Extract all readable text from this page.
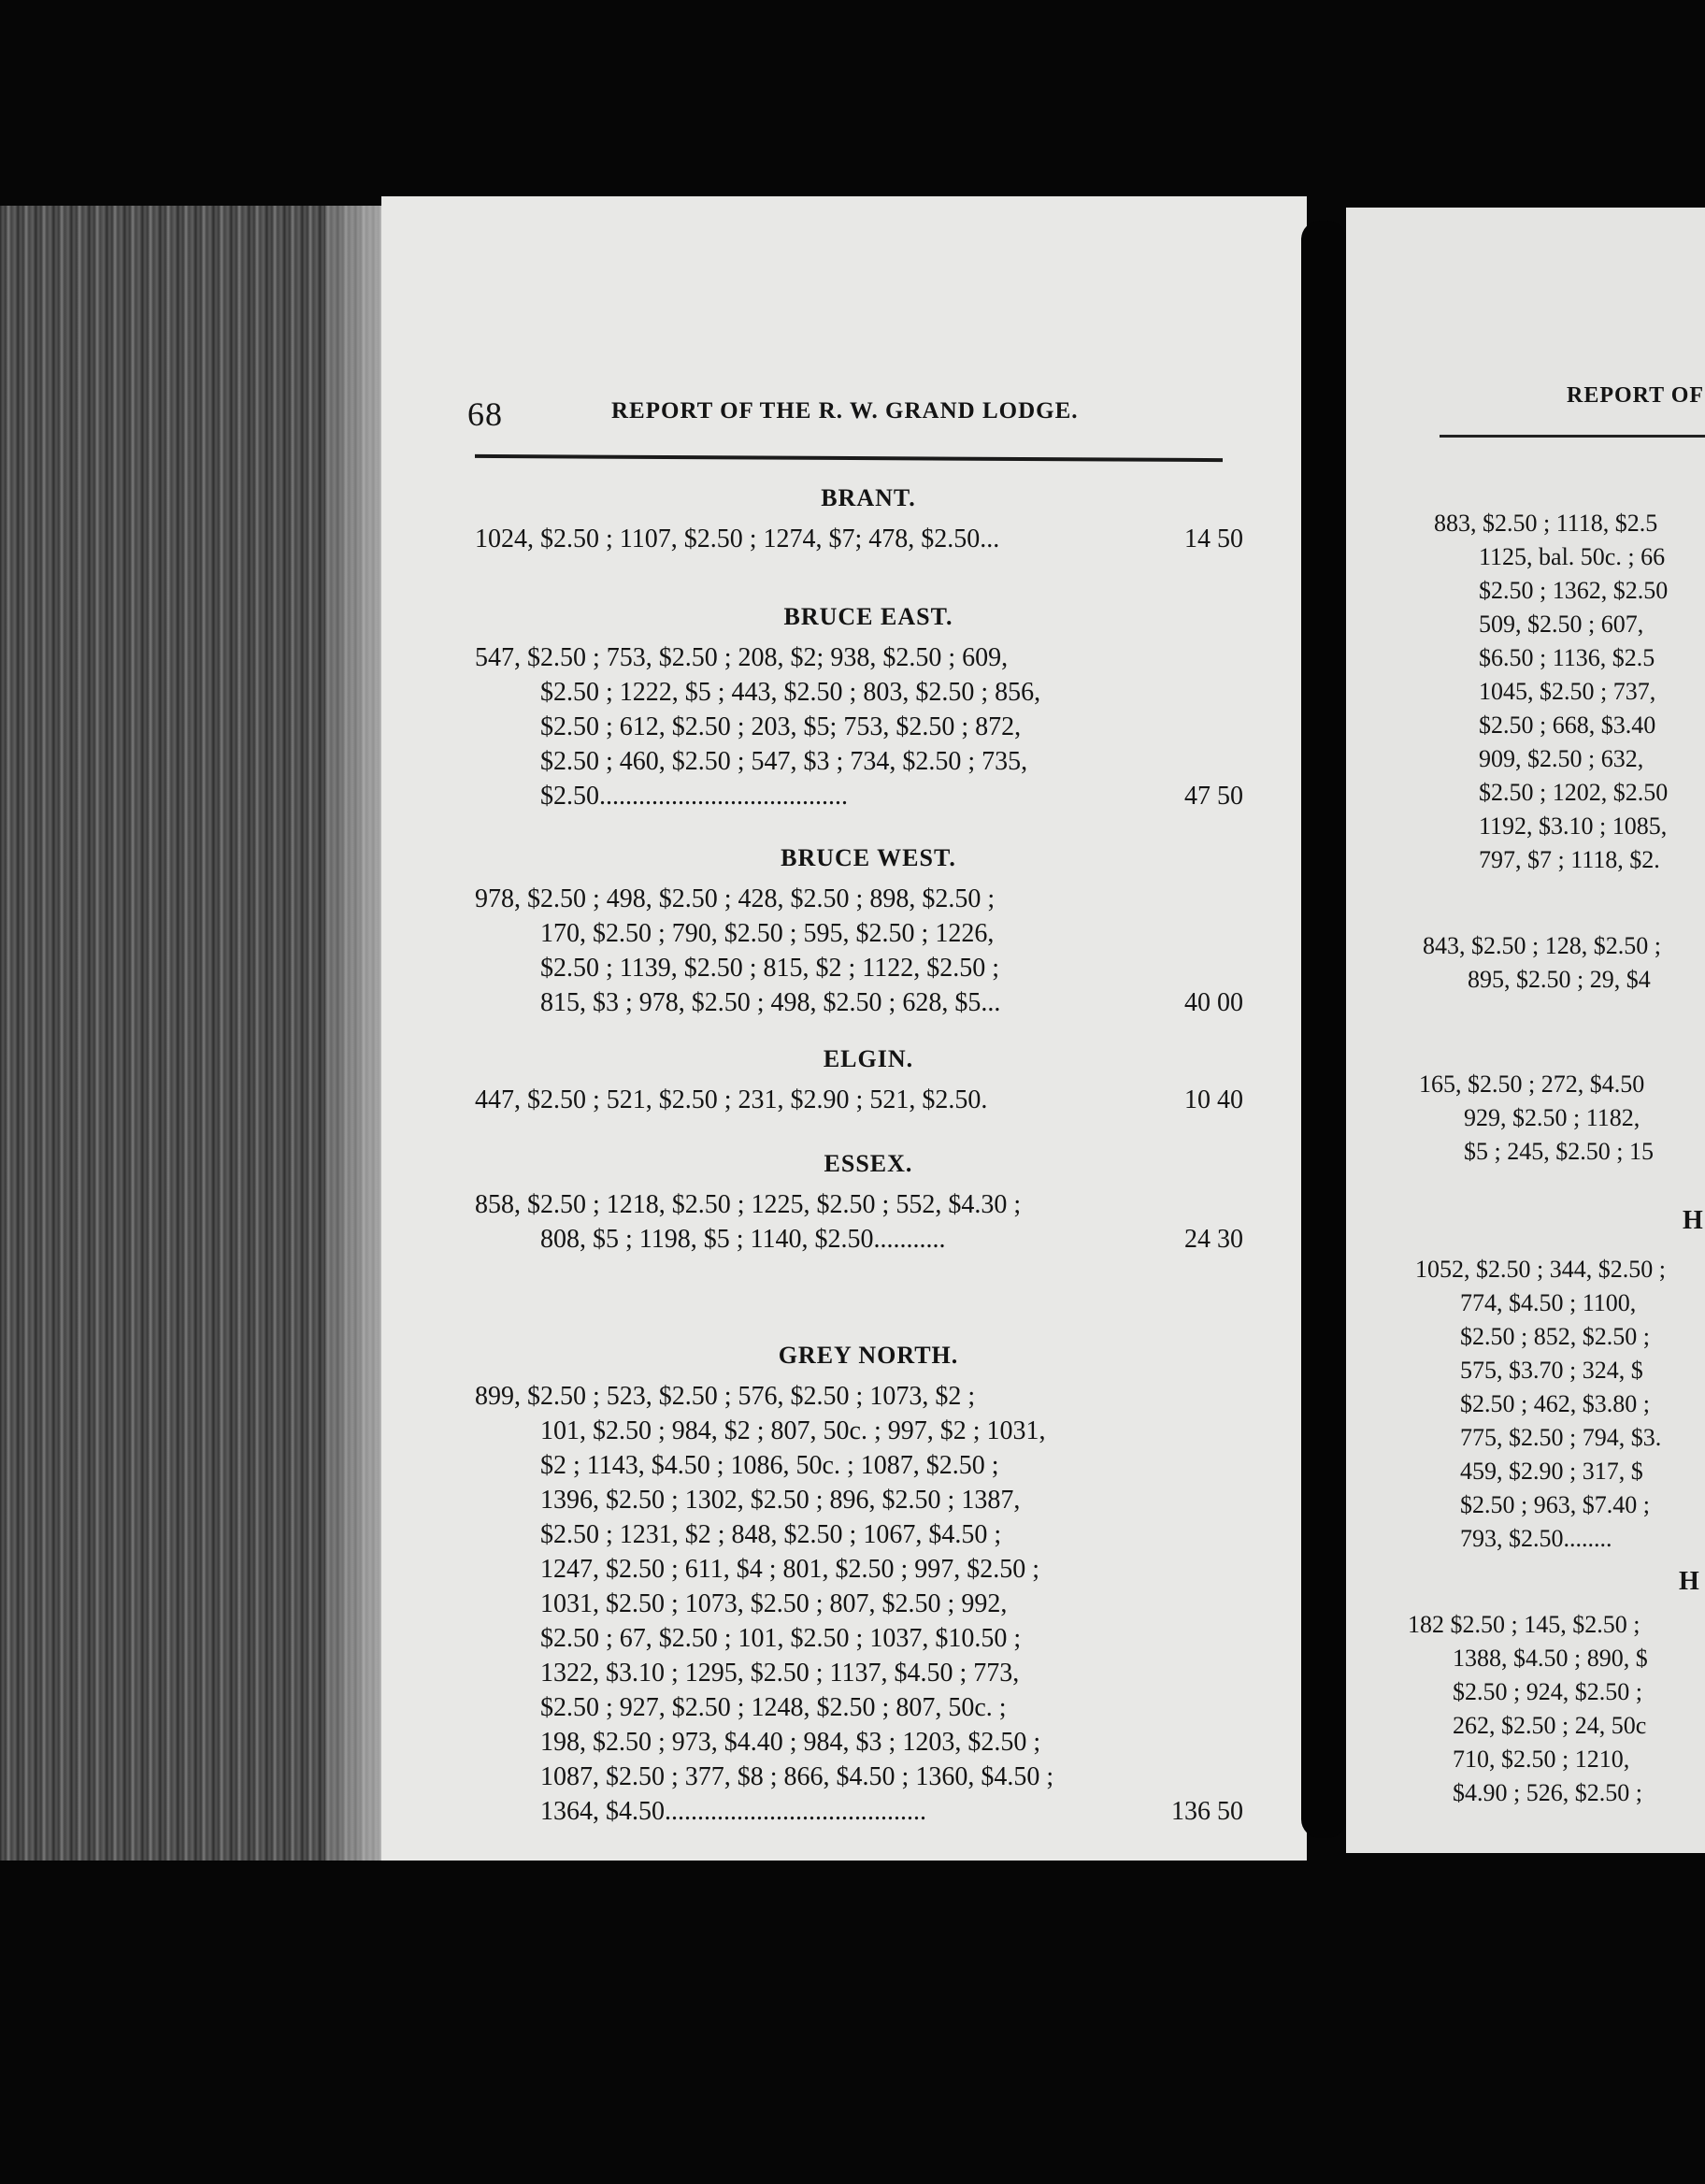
68	REPORT OF THE R. W. GRAND LODGE.
BRANT.
1024, $2.50 ; 1107, $2.50 ; 1274, $7; 478, $2.50...	14 50
BRUCE EAST.
547, $2.50 ; 753, $2.50 ; 208, $2; 938, $2.50 ; 609,
$2.50 ; 1222, $5 ; 443, $2.50 ; 803, $2.50 ; 856,
$2.50 ; 612, $2.50 ; 203, $5; 753, $2.50 ; 872,
$2.50 ; 460, $2.50 ; 547, $3 ; 734, $2.50 ; 735,
$2.50......................................	47 50
BRUCE WEST.
978, $2.50 ; 498, $2.50 ; 428, $2.50 ; 898, $2.50 ;
170, $2.50 ; 790, $2.50 ; 595, $2.50 ; 1226,
$2.50 ; 1139, $2.50 ; 815, $2 ; 1122, $2.50 ;
815, $3 ; 978, $2.50 ; 498, $2.50 ; 628, $5...	40 00
ELGIN.
447, $2.50 ; 521, $2.50 ; 231, $2.90 ; 521, $2.50.	10 40
ESSEX.
858, $2.50 ; 1218, $2.50 ; 1225, $2.50 ; 552, $4.30 ;
808, $5 ; 1198, $5 ; 1140, $2.50...........	24 30
GREY NORTH.
899, $2.50 ; 523, $2.50 ; 576, $2.50 ; 1073, $2 ;
101, $2.50 ; 984, $2 ; 807, 50c. ; 997, $2 ; 1031,
$2 ; 1143, $4.50 ; 1086, 50c. ; 1087, $2.50 ;
1396, $2.50 ; 1302, $2.50 ; 896, $2.50 ; 1387,
$2.50 ; 1231, $2 ; 848, $2.50 ; 1067, $4.50 ;
1247, $2.50 ; 611, $4 ; 801, $2.50 ; 997, $2.50 ;
1031, $2.50 ; 1073, $2.50 ; 807, $2.50 ; 992,
$2.50 ; 67, $2.50 ; 101, $2.50 ; 1037, $10.50 ;
1322, $3.10 ; 1295, $2.50 ; 1137, $4.50 ; 773,
$2.50 ; 927, $2.50 ; 1248, $2.50 ; 807, 50c. ;
198, $2.50 ; 973, $4.40 ; 984, $3 ; 1203, $2.50 ;
1087, $2.50 ; 377, $8 ; 866, $4.50 ; 1360, $4.50 ;
1364, $4.50........................................	136 50
REPORT OF
883, $2.50 ; 1118, $2.5
1125, bal. 50c. ; 66
$2.50 ; 1362, $2.50
509, $2.50 ; 607,
$6.50 ; 1136, $2.5
1045, $2.50 ; 737,
$2.50 ; 668, $3.40
909, $2.50 ; 632,
$2.50 ; 1202, $2.50
1192, $3.10 ; 1085,
797, $7 ; 1118, $2.
843, $2.50 ; 128, $2.50 ;
895, $2.50 ; 29, $4
165, $2.50 ; 272, $4.50
929, $2.50 ; 1182,
$5 ; 245, $2.50 ; 15
H
1052, $2.50 ; 344, $2.50 ;
774, $4.50 ; 1100,
$2.50 ; 852, $2.50 ;
575, $3.70 ; 324, $
$2.50 ; 462, $3.80 ;
775, $2.50 ; 794, $3.
459, $2.90 ; 317, $
$2.50 ; 963, $7.40 ;
793, $2.50........
H
182 $2.50 ; 145, $2.50 ;
1388, $4.50 ; 890, $
$2.50 ; 924, $2.50 ;
262, $2.50 ; 24, 50c
710, $2.50 ; 1210,
$4.90 ; 526, $2.50 ;
